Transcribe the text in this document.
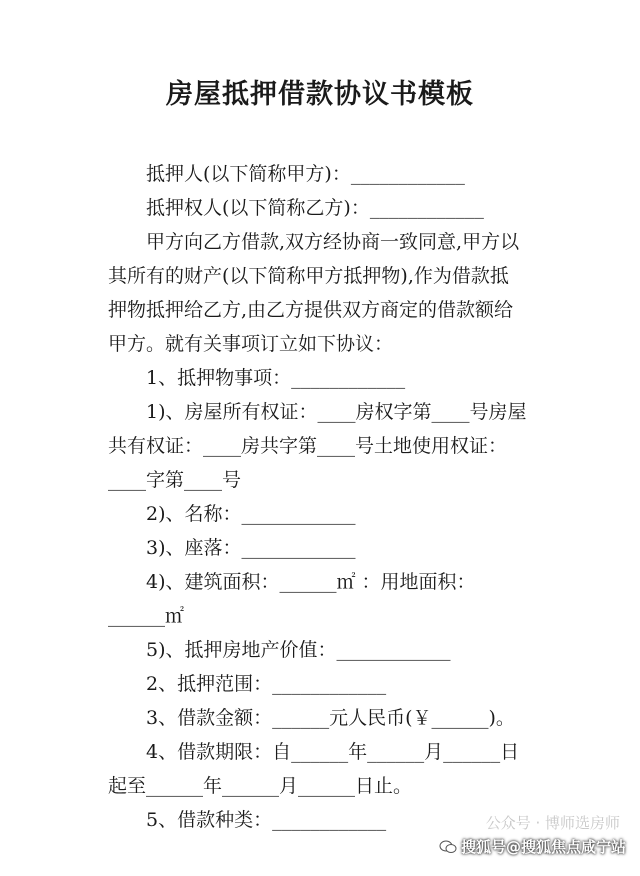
房屋抵押借款协议书模板
抵押人(以下简称甲方)：____________
抵押权人(以下简称乙方)：____________
甲方向乙方借款,双方经协商一致同意,甲方以
其所有的财产(以下简称甲方抵押物),作为借款抵
押物抵押给乙方,由乙方提供双方商定的借款额给
甲方。就有关事项订立如下协议：
1、抵押物事项：____________
1)、房屋所有权证：____房权字第____号房屋
共有权证：____房共字第____号土地使用权证：
____字第____号
2)、名称：____________
3)、座落：____________
4)、建筑面积：______㎡ ：用地面积：
______㎡
5)、抵押房地产价值：____________
2、抵押范围：____________
3、借款金额：______元人民币(￥______)。
4、借款期限：自______年______月______日
起至______年______月______日止。
5、借款种类：____________	公众号 · 博师选房师
搜狐号@搜狐焦点咸宁站
